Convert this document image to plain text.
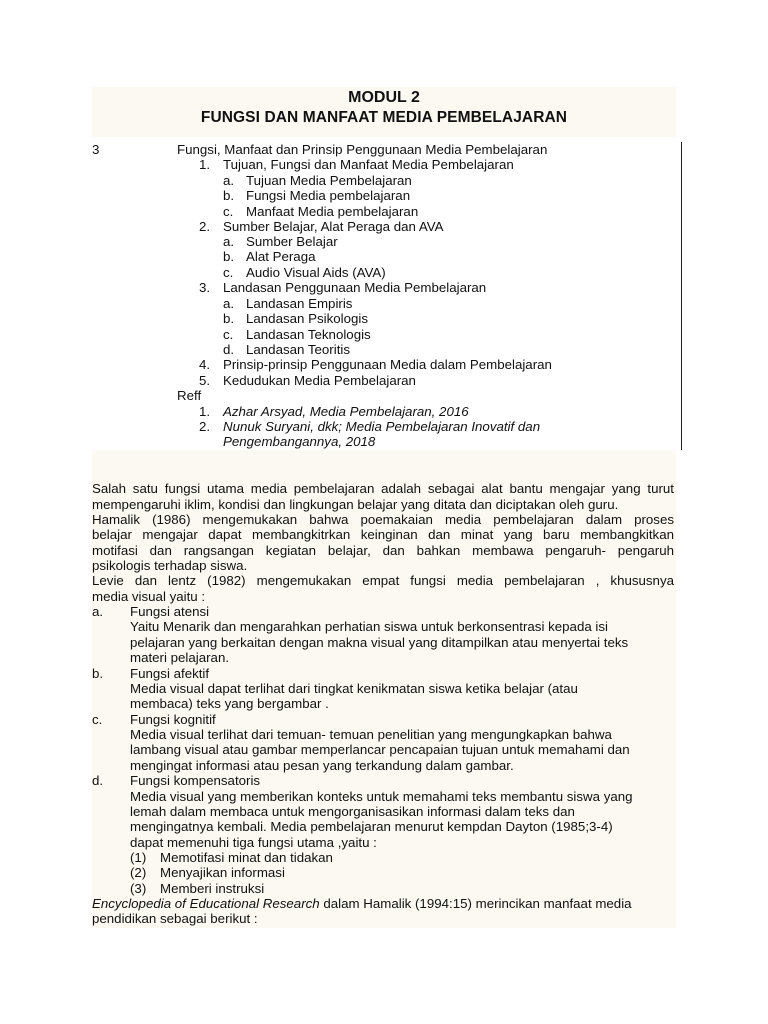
MODUL 2
FUNGSI DAN MANFAAT MEDIA PEMBELAJARAN
3	Fungsi, Manfaat dan Prinsip Penggunaan Media Pembelajaran
1. Tujuan, Fungsi dan Manfaat Media Pembelajaran
a. Tujuan Media Pembelajaran
b. Fungsi Media pembelajaran
c. Manfaat Media pembelajaran
2. Sumber Belajar, Alat Peraga dan AVA
a. Sumber Belajar
b. Alat Peraga
c. Audio Visual Aids (AVA)
3. Landasan Penggunaan Media Pembelajaran
a. Landasan Empiris
b. Landasan Psikologis
c. Landasan Teknologis
d. Landasan Teoritis
4. Prinsip-prinsip Penggunaan Media dalam Pembelajaran
5. Kedudukan Media Pembelajaran
Reff
1. Azhar Arsyad, Media Pembelajaran, 2016
2. Nunuk Suryani, dkk; Media Pembelajaran Inovatif dan
Pengembangannya, 2018
Salah satu fungsi utama media pembelajaran adalah sebagai alat bantu mengajar yang turut
mempengaruhi iklim, kondisi dan lingkungan belajar yang ditata dan diciptakan oleh guru.
Hamalik (1986) mengemukakan bahwa poemakaian media pembelajaran dalam proses
belajar mengajar dapat membangkitrkan keinginan dan minat yang baru membangkitkan
motifasi dan rangsangan kegiatan belajar, dan bahkan membawa pengaruh- pengaruh
psikologis terhadap siswa.
Levie dan lentz (1982) mengemukakan empat fungsi media pembelajaran , khususnya
media visual yaitu :
a. Fungsi atensi
Yaitu Menarik dan mengarahkan perhatian siswa untuk berkonsentrasi kepada isi
pelajaran yang berkaitan dengan makna visual yang ditampilkan atau menyertai teks
materi pelajaran.
b. Fungsi afektif
Media visual dapat terlihat dari tingkat kenikmatan siswa ketika belajar (atau
membaca) teks yang bergambar .
c. Fungsi kognitif
Media visual terlihat dari temuan- temuan penelitian yang mengungkapkan bahwa
lambang visual atau gambar memperlancar pencapaian tujuan untuk memahami dan
mengingat informasi atau pesan yang terkandung dalam gambar.
d. Fungsi kompensatoris
Media visual yang memberikan konteks untuk memahami teks membantu siswa yang
lemah dalam membaca untuk mengorganisasikan informasi dalam teks dan
mengingatnya kembali. Media pembelajaran menurut kempdan Dayton (1985;3-4)
dapat memenuhi tiga fungsi utama ,yaitu :
(1) Memotifasi minat dan tidakan
(2) Menyajikan informasi
(3) Memberi instruksi
Encyclopedia of Educational Research dalam Hamalik (1994:15) merincikan manfaat media
pendidikan sebagai berikut :
